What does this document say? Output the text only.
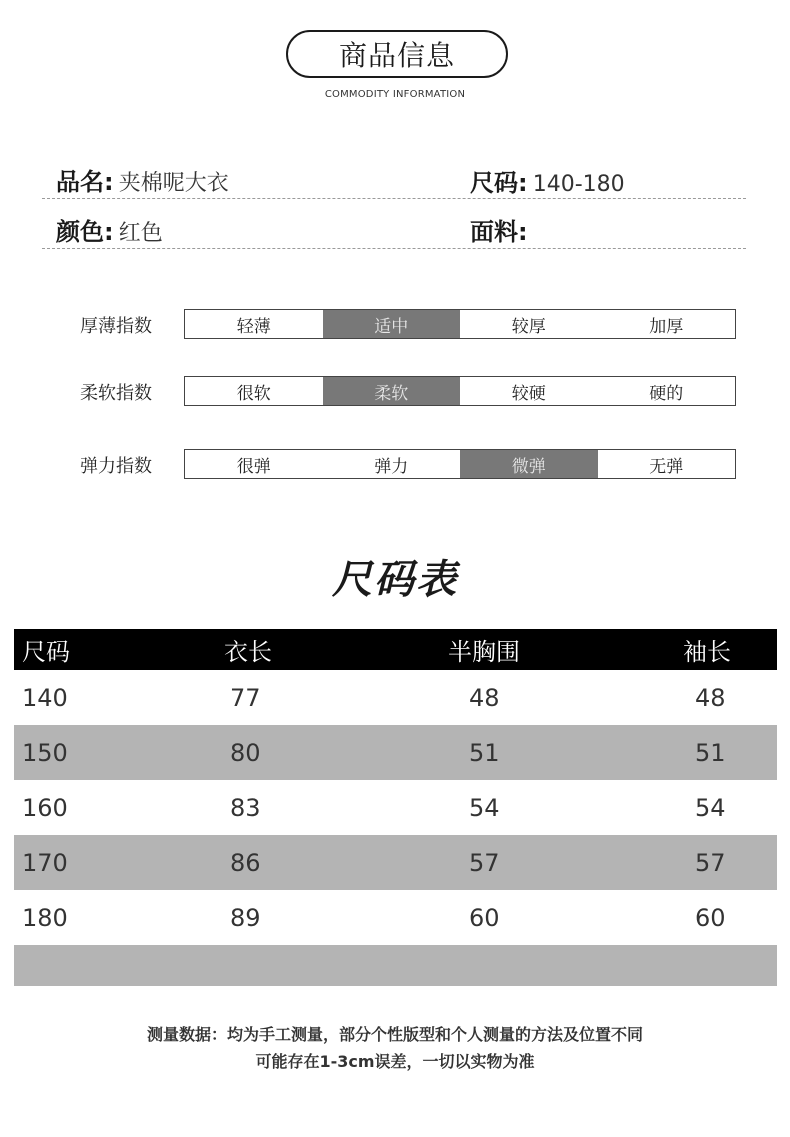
商品信息
COMMODITY INFORMATION
品名: 夹棉呢大衣	尺码: 140-180
颜色: 红色	面料:
厚薄指数	轻薄	适中	较厚	加厚
柔软指数	很软	柔软	较硬	硬的
弹力指数	很弹	弹力	微弹	无弹
尺码表
尺码	衣长	半胸围	袖长
140	77	48	48
150	80	51	51
160	83	54	54
170	86	57	57
180	89	60	60
测量数据：均为手工测量，部分个性版型和个人测量的方法及位置不同
可能存在1-3cm误差，一切以实物为准
